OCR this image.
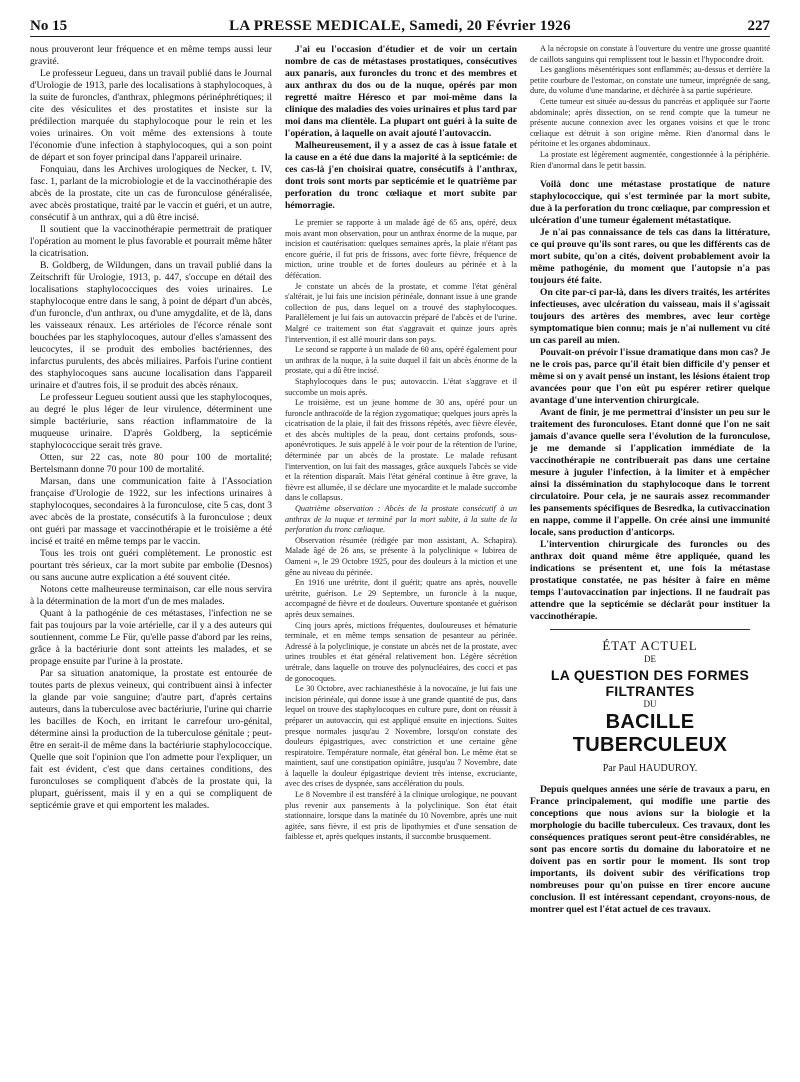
No 15	LA PRESSE MEDICALE, Samedi, 20 Février 1926	227

nous prouveront leur fréquence et en même temps aussi leur gravité.

Le professeur Legueu, dans un travail publié dans le Journal d'Urologie de 1913, parle des localisations à staphylocoques, à la suite de furoncles, d'anthrax, phlegmons périnéphrétiques; il cite des vésiculites et des prostatites et insiste sur la prédilection marquée du staphylocoque pour le rein et les voies urinaires. On voit même des extensions à toute l'économie d'une infection à staphylocoques, qui a son point de départ et son foyer principal dans l'appareil urinaire.

Fonquiau, dans les Archives urologiques de Necker, t. IV, fasc. 1, parlant de la microbiologie et de la vaccinothérapie des abcès de la prostate, cite un cas de furonculose généralisée, avec abcès prostatique, traité par le vaccin et guéri, et un autre, consécutif à un anthrax, qui a dû être incisé.

Il soutient que la vaccinothérapie permettrait de pratiquer l'opération au moment le plus favorable et pourrait même hâter la cicatrisation.

B. Goldberg, de Wildungen, dans un travail publié dans la Zeitschrift für Urologie, 1913, p. 447, s'occupe en détail des localisations staphylococciques des voies urinaires. Le staphylocoque entre dans le sang, à point de départ d'un abcès, d'un furoncle, d'un anthrax, ou d'une amygdalite, et de là, dans les vaisseaux rénaux. Les artérioles de l'écorce rénale sont bouchées par les staphylocoques, autour d'elles s'amassent des leucocytes, il se produit des embolies bactériennes, des infarctus purulents, des abcès miliaires. Parfois l'urine contient des staphylocoques sans aucune localisation dans l'appareil urinaire et d'autres fois, il se produit des abcès rénaux.

Le professeur Legueu soutient aussi que les staphylocoques, au degré le plus léger de leur virulence, déterminent une simple bactériurie, sans réaction inflammatoire de la muqueuse urinaire. D'après Goldberg, la septicémie staphylococcique serait très grave.

Otten, sur 22 cas, note 80 pour 100 de mortalité; Bertelsmann donne 70 pour 100 de mortalité.

Marsan, dans une communication faite à l'Association française d'Urologie de 1922, sur les infections urinaires à staphylocoques, secondaires à la furonculose, cite 5 cas, dont 3 avec abcès de la prostate, consécutifs à la furonculose ; deux ont guéri par massage et vaccinothérapie et le troisième a été incisé et traité en même temps par le vaccin.

Tous les trois ont guéri complètement. Le pronostic est pourtant très sérieux, car la mort subite par embolie (Desnos) ou sans aucune autre explication a été souvent citée.

Notons cette malheureuse terminaison, car elle nous servira à la détermination de la mort d'un de mes malades.

Quant à la pathogénie de ces métastases, l'infection ne se fait pas toujours par la voie artérielle, car il y a des auteurs qui soutiennent, comme Le Für, qu'elle passe d'abord par les reins, grâce à la bactériurie dont sont atteints les malades, et se propage ensuite par l'urine à la prostate.

Par sa situation anatomique, la prostate est entourée de toutes parts de plexus veineux, qui contribuent ainsi à infecter la glande par voie sanguine; d'autre part, d'après certains auteurs, dans la tuberculose avec bactériurie, l'urine qui charrie les bacilles de Koch, en irritant le carrefour uro-génital, détermine ainsi la production de la tuberculose génitale ; peut-être en serait-il de même dans la bactériurie staphylococcique. Quelle que soit l'opinion que l'on admette pour l'expliquer, un fait est évident, c'est que dans certaines conditions, des furonculoses se compliquent d'abcès de la prostate qui, la plupart, guérissent, mais il y en a qui se compliquent de septicémie grave et qui emportent les malades.

J'ai eu l'occasion d'étudier et de voir un certain nombre de cas de métastases prostatiques, consécutives aux panaris, aux furoncles du tronc et des membres et aux anthrax du dos ou de la nuque, opérés par mon regretté maître Héresco et par moi-même dans la clinique des maladies des voies urinaires et plus tard par moi dans ma clientèle. La plupart ont guéri à la suite de l'opération, à laquelle on avait ajouté l'autovaccin.

Malheureusement, il y a assez de cas à issue fatale et la cause en a été due dans la majorité à la septicémie: de ces cas-là j'en choisirai quatre, consécutifs à l'anthrax, dont trois sont morts par septicémie et le quatrième par perforation du tronc cœliaque et mort subite par hémorragie.

Le premier se rapporte à un malade âgé de 65 ans, opéré, deux mois avant mon observation, pour un anthrax énorme de la nuque, par incision et cautérisation: quelques semaines après, la plaie n'étant pas encore guérie, il fut pris de frissons, avec forte fièvre, fréquence de miction, urine trouble et de fortes douleurs au périnée et à la défécation.

Je constate un abcès de la prostate, et comme l'état général s'altérait, je lui fais une incision périnéale, donnant issue à une grande collection de pus, dans lequel on a trouvé des staphylocoques. Parallèlement je lui fais un autovaccin préparé de l'abcès et de l'urine. Malgré ce traitement son état s'aggravait et quinze jours après l'intervention, il est allé mourir dans son pays.

Le second se rapporte à un malade de 60 ans, opéré également pour un anthrax de la nuque, à la suite duquel il fait un abcès énorme de la prostate, qui a dû être incisé.

Staphylocoques dans le pus; autovaccin. L'état s'aggrave et il succombe un mois après.

Le troisième, est un jeune homme de 30 ans, opéré pour un furoncle anthracoïde de la région zygomatique; quelques jours après la cicatrisation de la plaie, il fait des frissons répétés, avec fièvre élevée, et des abcès multiples de la peau, dont certains profonds, sous-aponévrotiques. Je suis appelé à le voir pour de la rétention de l'urine, déterminée par un abcès de la prostate. Le malade refusant l'intervention, on lui fait des massages, grâce auxquels l'abcès se vide et la rétention disparaît. Mais l'état général continue à être grave, la fièvre est allumée, il se déclare une myocardite et le malade succombe dans le collapsus.

Quatrième observation : Abcès de la prostate consécutif à un anthrax de la nuque et terminé par la mort subite, à la suite de la perforation du tronc cœliaque.

Observation résumée (rédigée par mon assistant, A. Schapira). Malade âgé de 26 ans, se présente à la polyclinique « Iubirea de Oameni », le 29 Octobre 1925, pour des douleurs à la miction et une gêne au niveau du périnée.

En 1916 une urétrite, dont il guérit; quatre ans après, nouvelle urétrite, guérison. Le 29 Septembre, un furoncle à la nuque, accompagné de fièvre et de douleurs. Ouverture spontanée et guérison après deux semaines.

Cinq jours après, mictions fréquentes, douloureuses et hématurie terminale, et en même temps sensation de pesanteur au périnée. Adressé à la polyclinique, je constate un abcès net de la prostate, avec urines troubles et état général relativement bon. Légère sécrétion urétrale, dans laquelle on trouve des polynucléaires, des cocci et pas de gonocoques.

Le 30 Octobre, avec rachianesthésie à la novocaïne, je lui fais une incision périnéale, qui donne issue à une grande quantité de pus, dans lequel on trouve des staphylocoques en culture pure, dont on réussit à préparer un autovaccin, qui est appliqué ensuite en injections. Suites presque normales jusqu'au 2 Novembre, lorsqu'on constate des douleurs épigastriques, avec constriction et une certaine gêne respiratoire. Température normale, état général bon. Le même état se maintient, sauf une constipation opiniâtre, jusqu'au 7 Novembre, date à laquelle la douleur épigastrique devient très intense, excruciante, avec des crises de dyspnée, sans accélération du pouls.

Le 8 Novembre il est transféré à la clinique urologique, ne pouvant plus revenir aux pansements à la polyclinique. Son état était stationnaire, lorsque dans la matinée du 10 Novembre, après une nuit agitée, sans fièvre, il est pris de lipothymies et d'une sensation de faiblesse et, après quelques instants, il succombe brusquement.

A la nécropsie on constate à l'ouverture du ventre une grosse quantité de caillots sanguins qui remplissent tout le bassin et l'hypocondre droit.

Les ganglions mésentériques sont enflammés; au-dessus et derrière la petite courbure de l'estomac, on constate une tumeur, imprégnée de sang, dure, du volume d'une mandarine, et déchirée à sa partie supérieure.

Cette tumeur est située au-dessus du pancréas et appliquée sur l'aorte abdominale; après dissection, on se rend compte que la tumeur ne présente aucune connexion avec les organes voisins et que le tronc cœliaque est détruit à son origine même. Rien d'anormal dans le péritoine et les organes abdominaux.

La prostate est légèrement augmentée, congestionnée à la périphérie. Rien d'anormal dans le petit bassin.

Voilà donc une métastase prostatique de nature staphylococcique, qui s'est terminée par la mort subite, due à la perforation du tronc cœliaque, par compression et ulcération d'une tumeur également métastatique.

Je n'ai pas connaissance de tels cas dans la littérature, ce qui prouve qu'ils sont rares, ou que les différents cas de mort subite, qu'on a cités, doivent probablement avoir la même pathogénie, du moment que l'autopsie n'a pas toujours été faite.

On cite par-ci par-là, dans les divers traités, les artérites infectieuses, avec ulcération du vaisseau, mais il s'agissait toujours des artères des membres, avec leur cortège symptomatique bien connu; mais je n'ai nullement vu cité un cas pareil au mien.

Pouvait-on prévoir l'issue dramatique dans mon cas? Je ne le crois pas, parce qu'il était bien difficile d'y penser et même si on y avait pensé un instant, les lésions étaient trop avancées pour que l'on eût pu espérer retirer quelque avantage d'une intervention chirurgicale.

Avant de finir, je me permettrai d'insister un peu sur le traitement des furonculoses. Etant donné que l'on ne sait jamais d'avance quelle sera l'évolution de la furonculose, je me demande si l'application immédiate de la vaccinothérapie ne contribuerait pas dans une certaine mesure à juguler l'infection, à la limiter et à empêcher ainsi la dissémination du staphylocoque dans le torrent circulatoire. Pour cela, je ne saurais assez recommander les pansements spécifiques de Besredka, la cutivaccination en nappe, comme il l'appelle. On crée ainsi une immunité locale, sans production d'anticorps.

L'intervention chirurgicale des furoncles ou des anthrax doit quand même être appliquée, quand les indications se présentent et, une fois la métastase prostatique constatée, ne pas hésiter à faire en même temps l'autovaccination par injections. Il ne faudrait pas attendre que la septicémie se déclarât pour instituer la vaccinothérapie.

ÉTAT ACTUEL
DE
LA QUESTION DES FORMES FILTRANTES
DU
BACILLE TUBERCULEUX
Par Paul HAUDUROY.

Depuis quelques années une série de travaux a paru, en France principalement, qui modifie une partie des conceptions que nous avions sur la biologie et la morphologie du bacille tuberculeux. Ces travaux, dont les conséquences pratiques seront peut-être considérables, ne sont pas encore sortis du domaine du laboratoire et ne doivent pas en sortir pour le moment. Ils sont trop importants, ils doivent subir des vérifications trop nombreuses pour qu'on puisse en tirer encore aucune conclusion. Il est intéressant cependant, croyons-nous, de montrer quel est l'état actuel de ces travaux.
